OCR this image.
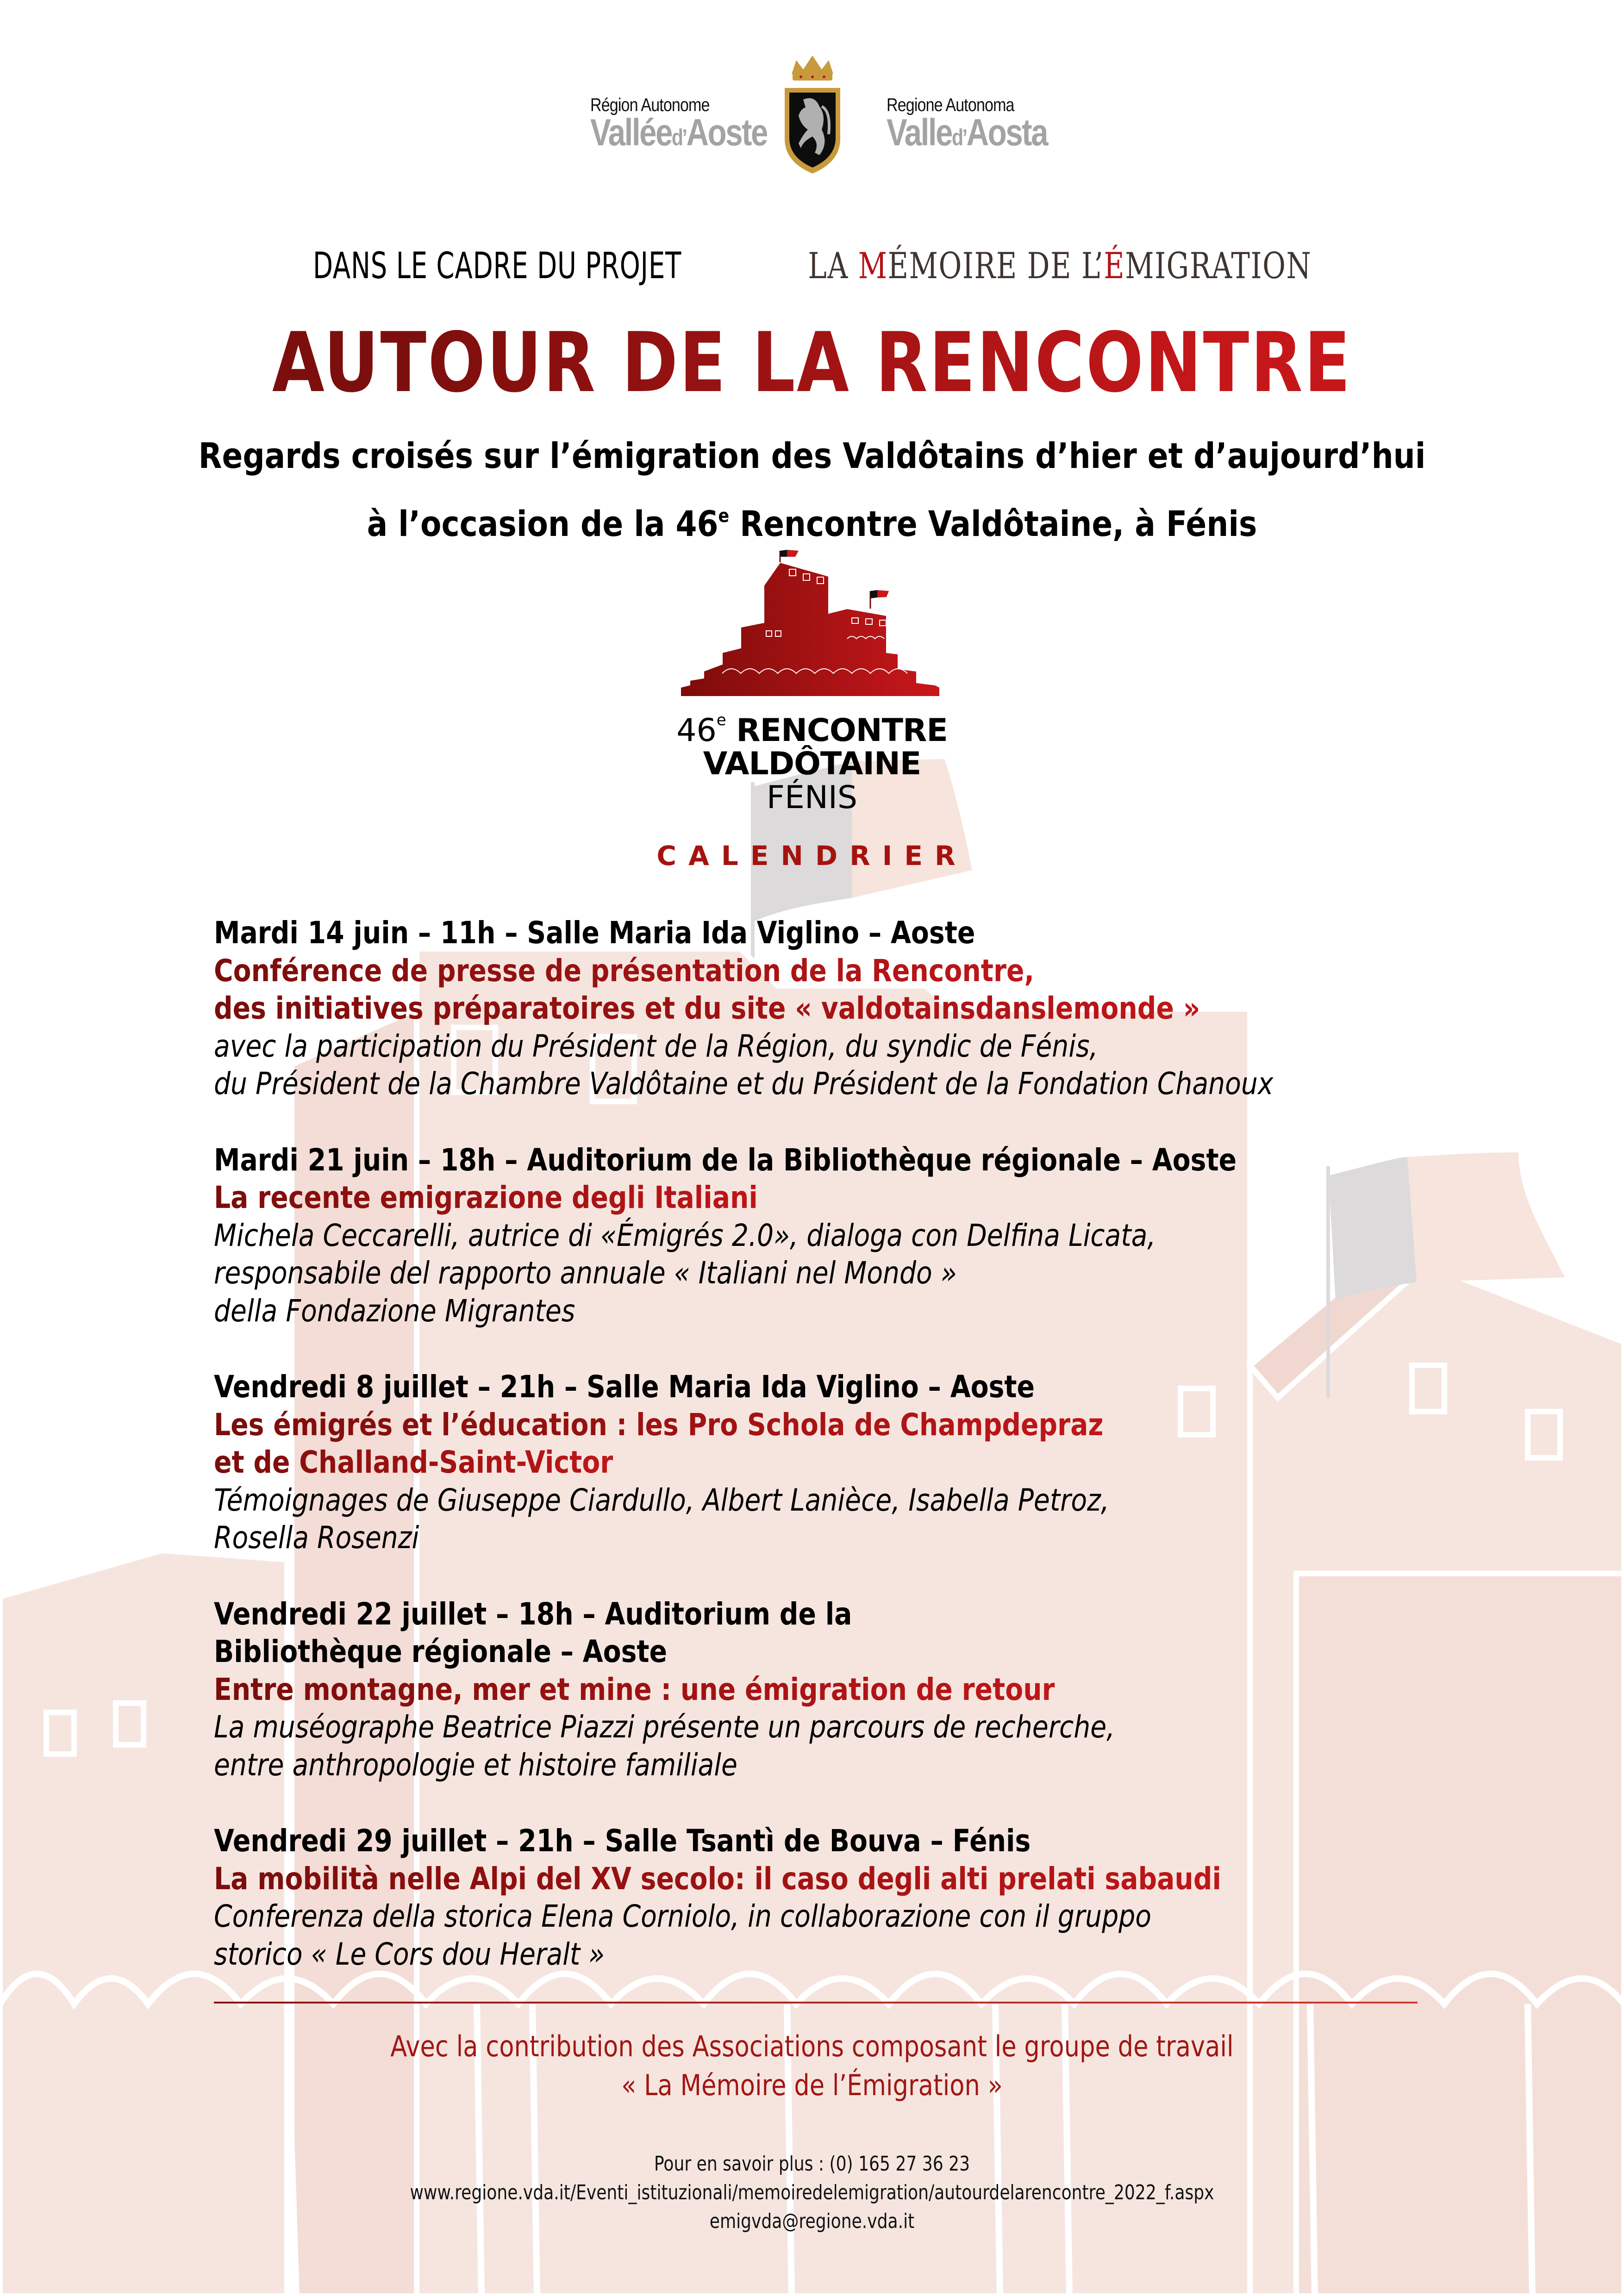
Région Autonome
Valléed’Aoste
Regione Autonoma
Valled’Aosta
DANS LE CADRE DU PROJET	LA MÉMOIRE DE L’ÉMIGRATION
AUTOUR DE LA RENCONTRE
Regards croisés sur l’émigration des Valdôtains d’hier et d’aujourd’hui
à l’occasion de la 46e Rencontre Valdôtaine, à Fénis
46e RENCONTRE
VALDÔTAINE
FÉNIS
CALENDRIER
Mardi 14 juin – 11h – Salle Maria Ida Viglino – Aoste
Conférence de presse de présentation de la Rencontre,
des initiatives préparatoires et du site « valdotainsdanslemonde »
avec la participation du Président de la Région, du syndic de Fénis,
du Président de la Chambre Valdôtaine et du Président de la Fondation Chanoux
Mardi 21 juin – 18h – Auditorium de la Bibliothèque régionale – Aoste
La recente emigrazione degli Italiani
Michela Ceccarelli, autrice di «Émigrés 2.0», dialoga con Delfina Licata,
responsabile del rapporto annuale « Italiani nel Mondo »
della Fondazione Migrantes
Vendredi 8 juillet – 21h – Salle Maria Ida Viglino – Aoste
Les émigrés et l’éducation : les Pro Schola de Champdepraz
et de Challand-Saint-Victor
Témoignages de Giuseppe Ciardullo, Albert Lanièce, Isabella Petroz,
Rosella Rosenzi
Vendredi 22 juillet – 18h – Auditorium de la
Bibliothèque régionale – Aoste
Entre montagne, mer et mine : une émigration de retour
La muséographe Beatrice Piazzi présente un parcours de recherche,
entre anthropologie et histoire familiale
Vendredi 29 juillet – 21h – Salle Tsantì de Bouva – Fénis
La mobilità nelle Alpi del XV secolo: il caso degli alti prelati sabaudi
Conferenza della storica Elena Corniolo, in collaborazione con il gruppo
storico « Le Cors dou Heralt »
Avec la contribution des Associations composant le groupe de travail
« La Mémoire de l’Émigration »
Pour en savoir plus : (0) 165 27 36 23
www.regione.vda.it/Eventi_istituzionali/memoiredelemigration/autourdelarencontre_2022_f.aspx
emigvda@regione.vda.it
